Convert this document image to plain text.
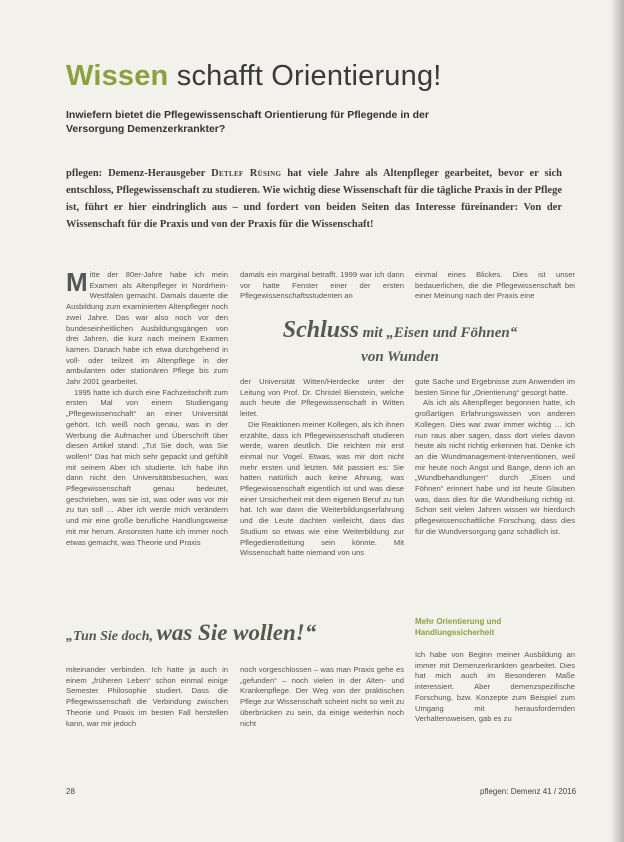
Wissen schafft Orientierung!

Inwiefern bietet die Pflegewissenschaft Orientierung für Pflegende in der Versorgung Demenzerkrankter?

pflegen: Demenz-Herausgeber Detlef Rüsing hat viele Jahre als Altenpfleger gearbeitet, bevor er sich entschloss, Pflegewissenschaft zu studieren. Wie wichtig diese Wissenschaft für die tägliche Praxis in der Pflege ist, führt er hier eindringlich aus – und fordert von beiden Seiten das Interesse füreinander: Von der Wissenschaft für die Praxis und von der Praxis für die Wissenschaft!

Mitte der 80er-Jahre habe ich mein Examen als Altenpfleger in Nordrhein-Westfalen gemacht. Damals dauerte die Ausbildung zum examinierten Altenpfleger noch zwei Jahre. Das war also noch vor den bundeseinheitlichen Ausbildungsgängen von drei Jahren, die kurz nach meinem Examen kamen. Danach habe ich etwa durchgehend in voll- oder teilzeit im Altenpflege in der ambulanten oder stationären Pflege bis zum Jahr 2001 gearbeitet.

1995 hatte ich durch eine Fachzeitschrift zum ersten Mal von einem Studiengang „Pflegewissenschaft“ an einer Universität gehört. Ich weiß noch genau, was in der Werbung die Aufmacher und Überschrift über diesen Artikel stand: „Tut Sie doch, was Sie wollen!“ Das hat mich sehr gepackt und gefühlt mit seinem Aber ich studierte. Ich habe ihn dann nicht den Universitätsbesuchen, was Pflegewissenschaft genau bedeutet, geschrieben, was sie ist, was oder was vor mir zu tun soll … Aber ich werde mich verändern und mir eine große berufliche Handlungsweise mit mir herum. Ansonsten hatte ich immer noch etwas gemacht, was Theorie und Praxis

damals ein marginal betrafft. 1999 war ich dann vor hatte Fenster einer der ersten Pflegewissenschaftsstudenten an

einmal eines Blickes. Dies ist unser bedauerlichen, die die Pflegewissenschaft bei einer Meinung nach der Praxis eine

Schluss mit „Eisen und Föhnen“
von Wunden

der Universität Witten/Herdecke unter der Leitung von Prof. Dr. Christel Bienstein, welche auch heute die Pflegewissenschaft in Witten leitet.

Die Reaktionen meiner Kollegen, als ich ihnen erzählte, dass ich Pflegewissenschaft studieren werde, waren deutlich. Die reichten mir erst einmal nur Vogel. Etwas, was mir dort nicht mehr ersten und letzten. Mit passiert es: Sie hatten natürlich auch keine Ahnung, was Pflegewissenschaft eigentlich ist und was diese einer Unsicherheit mit dem eigenen Beruf zu tun hat. Ich war dann die Weiterbildungserfahrung und die Leute dachten vielleicht, dass das Studium so etwas wie eine Weiterbildung zur Pflegedienstleitung sein könnte. Mit Wissenschaft hatte niemand von uns

gute Sache und Ergebnisse zum Anwenden im besten Sinne für „Orientierung“ gesorgt hatte.

Als ich als Altenpfleger begonnen hatte, ich großartigen Erfahrungswissen von anderen Kollegen. Dies war zwar immer wichtig … ich nun raus aber sagen, dass dort vieles davon heute als nicht richtig erkennen hat. Denke ich an die Wundmanagement-Interventionen, weil mir heute noch Angst und Bange, denn ich an „Wundbehandlungen“ durch „Eisen und Föhnen“ erinnert habe und ist heute Glauben was, dass dies für die Wundheilung richtig ist. Schon seit vielen Jahren wissen wir hierdurch pflegewissenschaftliche Forschung, dass dies für die Wundversorgung ganz schädlich ist.

„Tun Sie doch, was Sie wollen!“	Mehr Orientierung und Handlungssicherheit

miteinander verbinden. Ich hatte ja auch in einem „früheren Leben“ schon einmal einige Semester Philosophie studiert. Dass die Pflegewissenschaft die Verbindung zwischen Theorie und Praxis im besten Fall herstellen kann, war mir jedoch

noch vorgeschlossen – was man Praxis gehe es „gefunden“ – noch vielen in der Alten- und Krankenpflege. Der Weg von der praktischen Pflege zur Wissenschaft scheint nicht so weit zu überbrücken zu sein, da einige weiterhin noch nicht

Ich habe von Beginn meiner Ausbildung an immer mit Demenzerkrankten gearbeitet. Dies hat mich auch im Besonderen Maße interessiert. Aber demenzspezifische Forschung, bzw. Konzepte zum Beispiel zum Umgang mit herausfordernden Verhaltensweisen, gab es zu

28	pflegen: Demenz 41 / 2016
